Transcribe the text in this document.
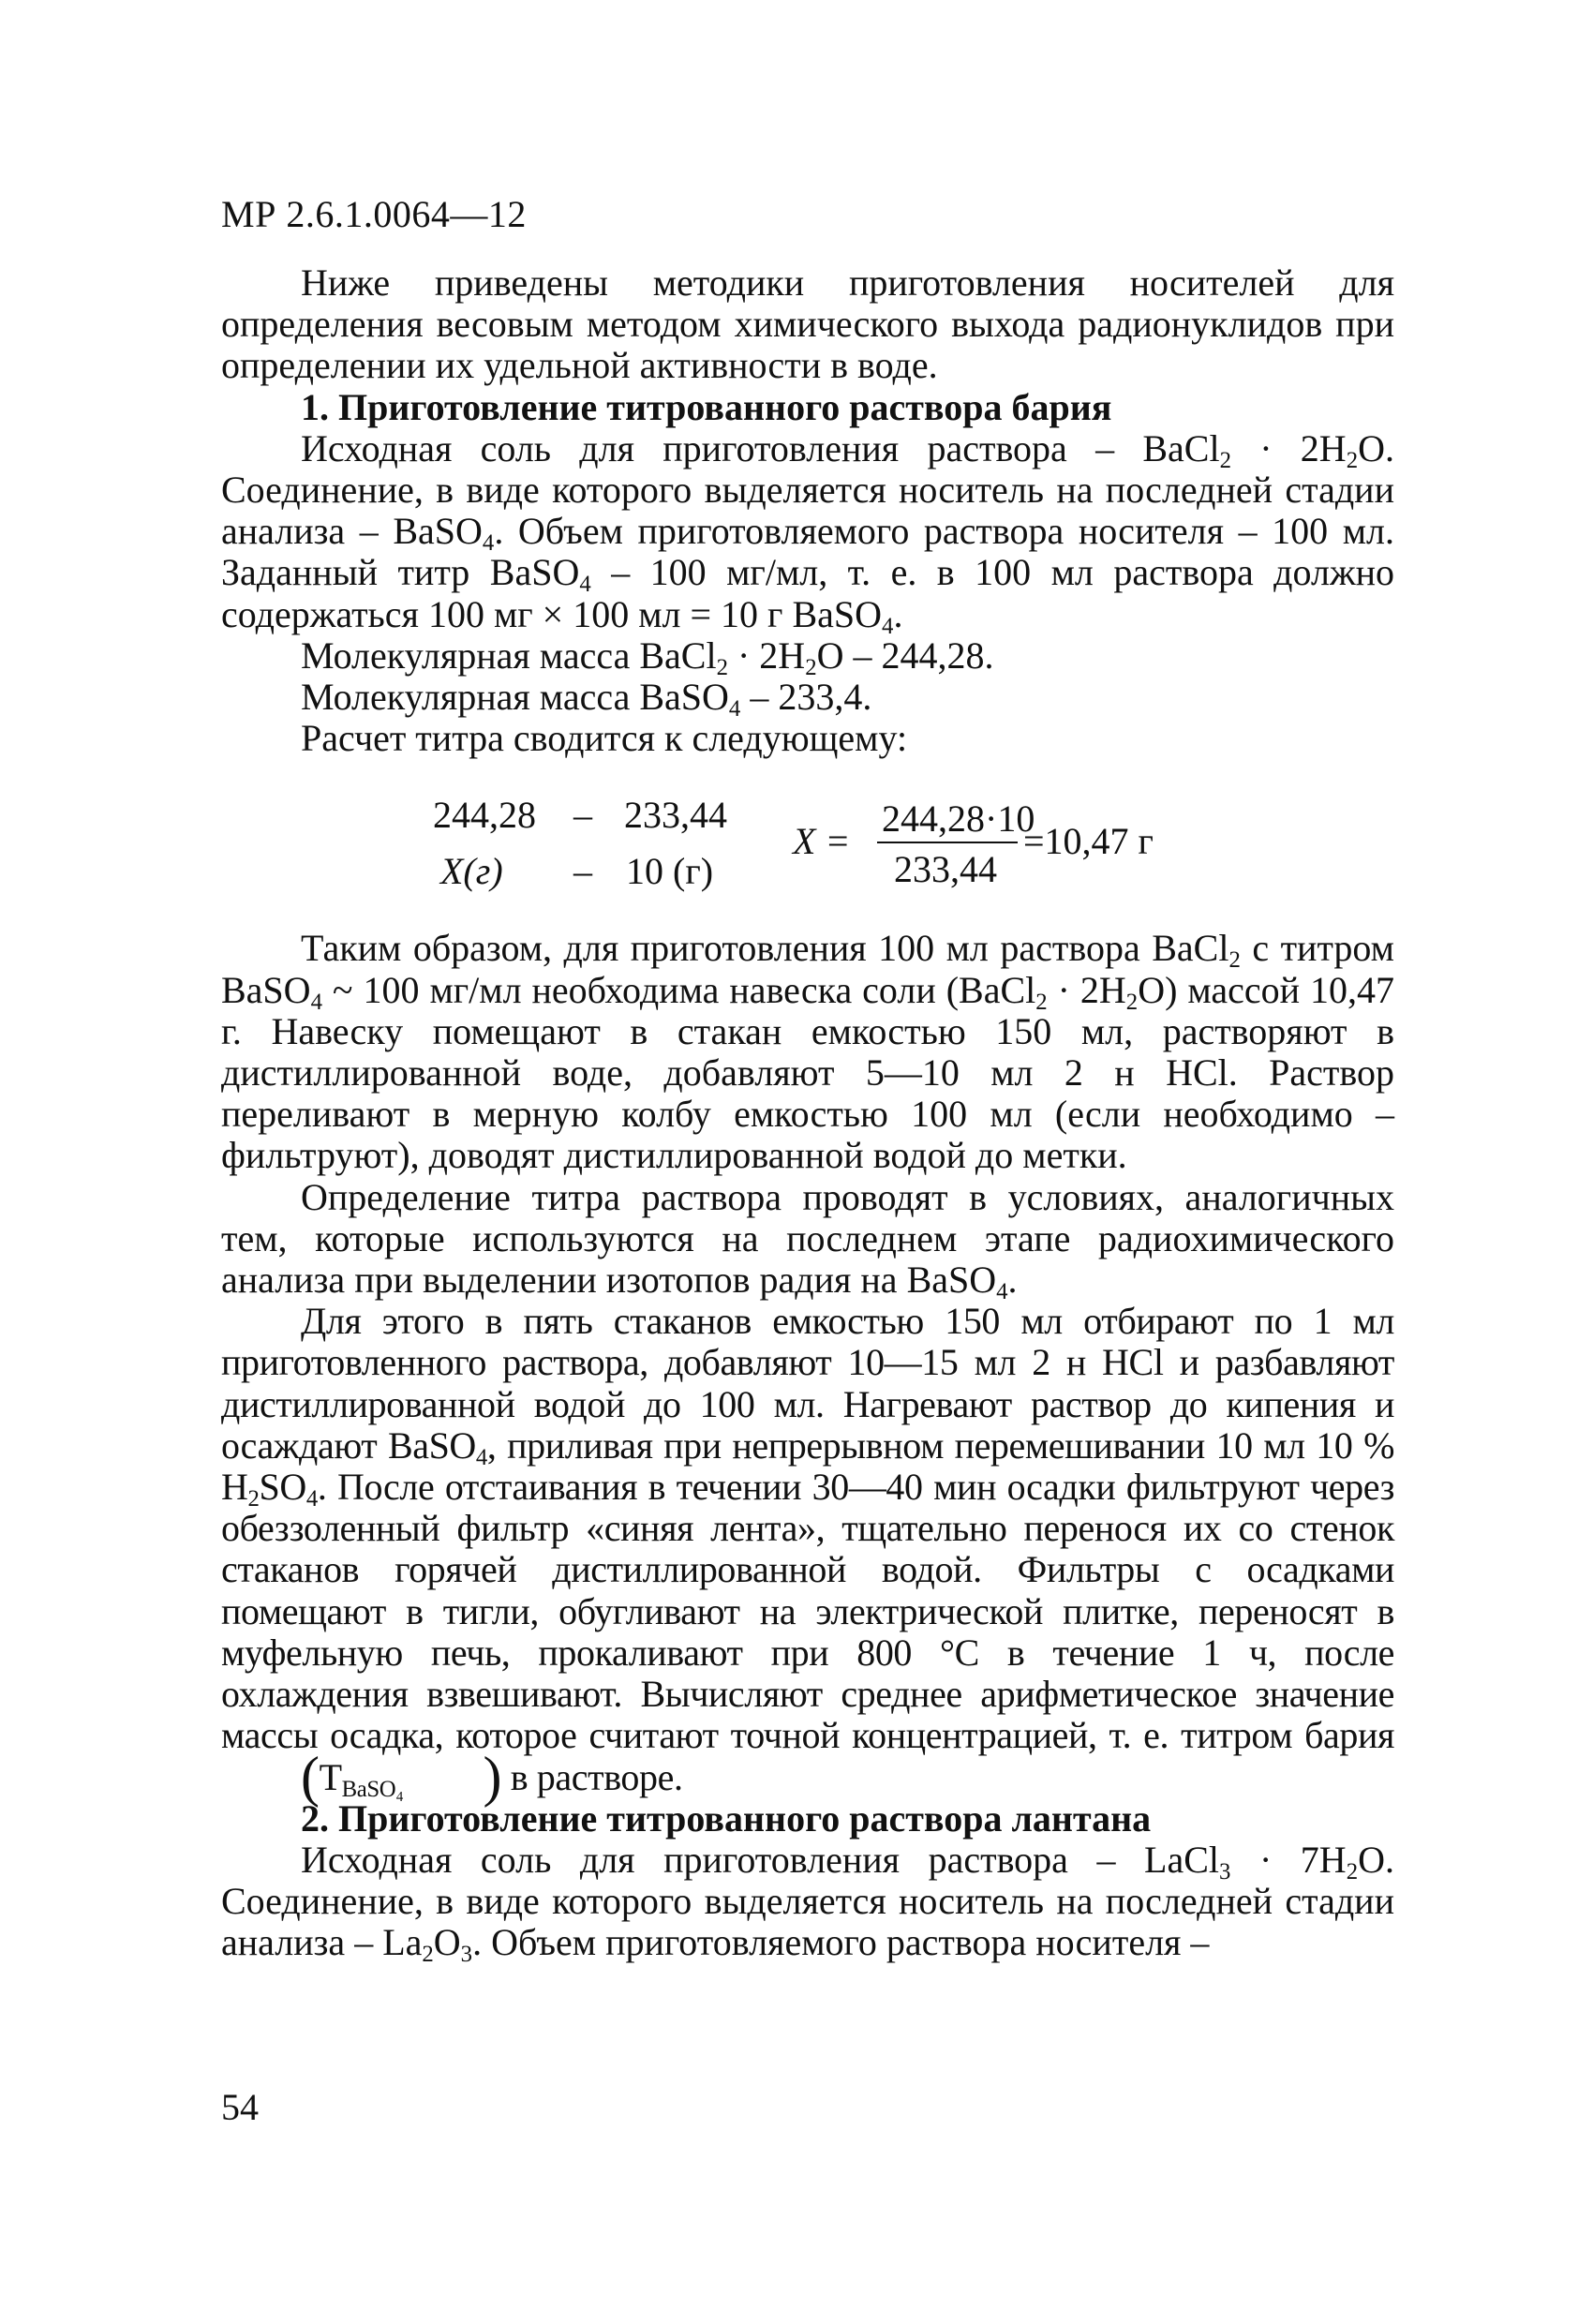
МР 2.6.1.0064—12

Ниже приведены методики приготовления носителей для определения весовым методом химического выхода радионуклидов при определении их удельной активности в воде.

1. Приготовление титрованного раствора бария

Исходная соль для приготовления раствора – BaCl$_2$ · $2H_2O$. Соединение, в виде которого выделяется носитель на последней стадии анализа – BaSO$_4$. Объем приготовляемого раствора носителя – 100 мл. Заданный титр BaSO$_4$ – 100 мг/мл, т. е. в 100 мл раствора должно содержаться 100 мг × 100 мл = 10 г BaSO$_4$.

Молекулярная масса BaCl$_2$ · $2H_2O - 244,28$.

Молекулярная масса BaSO$_4$ – 233,4.

Расчет титра сводится к следующему:

244,28 – 233,44
X(г) – 10 (г)
X =
244,28·10
233,44
=10,47 г

Таким образом, для приготовления 100 мл раствора BaCl$_2$ с титром BaSO$_4$ ~ 100 мг/мл необходима навеска соли (BaCl$_2$ · $2H_2O$) массой 10,47 г. Навеску помещают в стакан емкостью 150 мл, растворяют в дистиллированной воде, добавляют 5—10 мл 2 н HCl. Раствор переливают в мерную колбу емкостью 100 мл (если необходимо – фильтруют), доводят дистиллированной водой до метки.

Определение титра раствора проводят в условиях, аналогичных тем, которые используются на последнем этапе радиохимического анализа при выделении изотопов радия на BaSO$_4$.

Для этого в пять стаканов емкостью 150 мл отбирают по 1 мл приготовленного раствора, добавляют 10—15 мл 2 н HCl и разбавляют дистиллированной водой до 100 мл. Нагревают раствор до кипения и осаждают BaSO$_4$, приливая при непрерывном перемешивании 10 мл 10 % $H_2SO_4$. После отстаивания в течении 30—40 мин осадки фильтруют через обеззоленный фильтр «синяя лента», тщательно перенося их со стенок стаканов горячей дистиллированной водой. Фильтры с осадками помещают в тигли, обугливают на электрической плитке, переносят в муфельную печь, прокаливают при 800 °С в течение 1 ч, после охлаждения взвешивают. Вычисляют среднее арифметическое значение массы осадка, которое считают точной концентрацией, т. е. титром бария ($T_{BaSO_4}$ ) в растворе.

2. Приготовление титрованного раствора лантана

Исходная соль для приготовления раствора – LaCl$_3$ · $7H_2O$. Соединение, в виде которого выделяется носитель на последней стадии анализа – $La_2O_3$. Объем приготовляемого раствора носителя –

54
